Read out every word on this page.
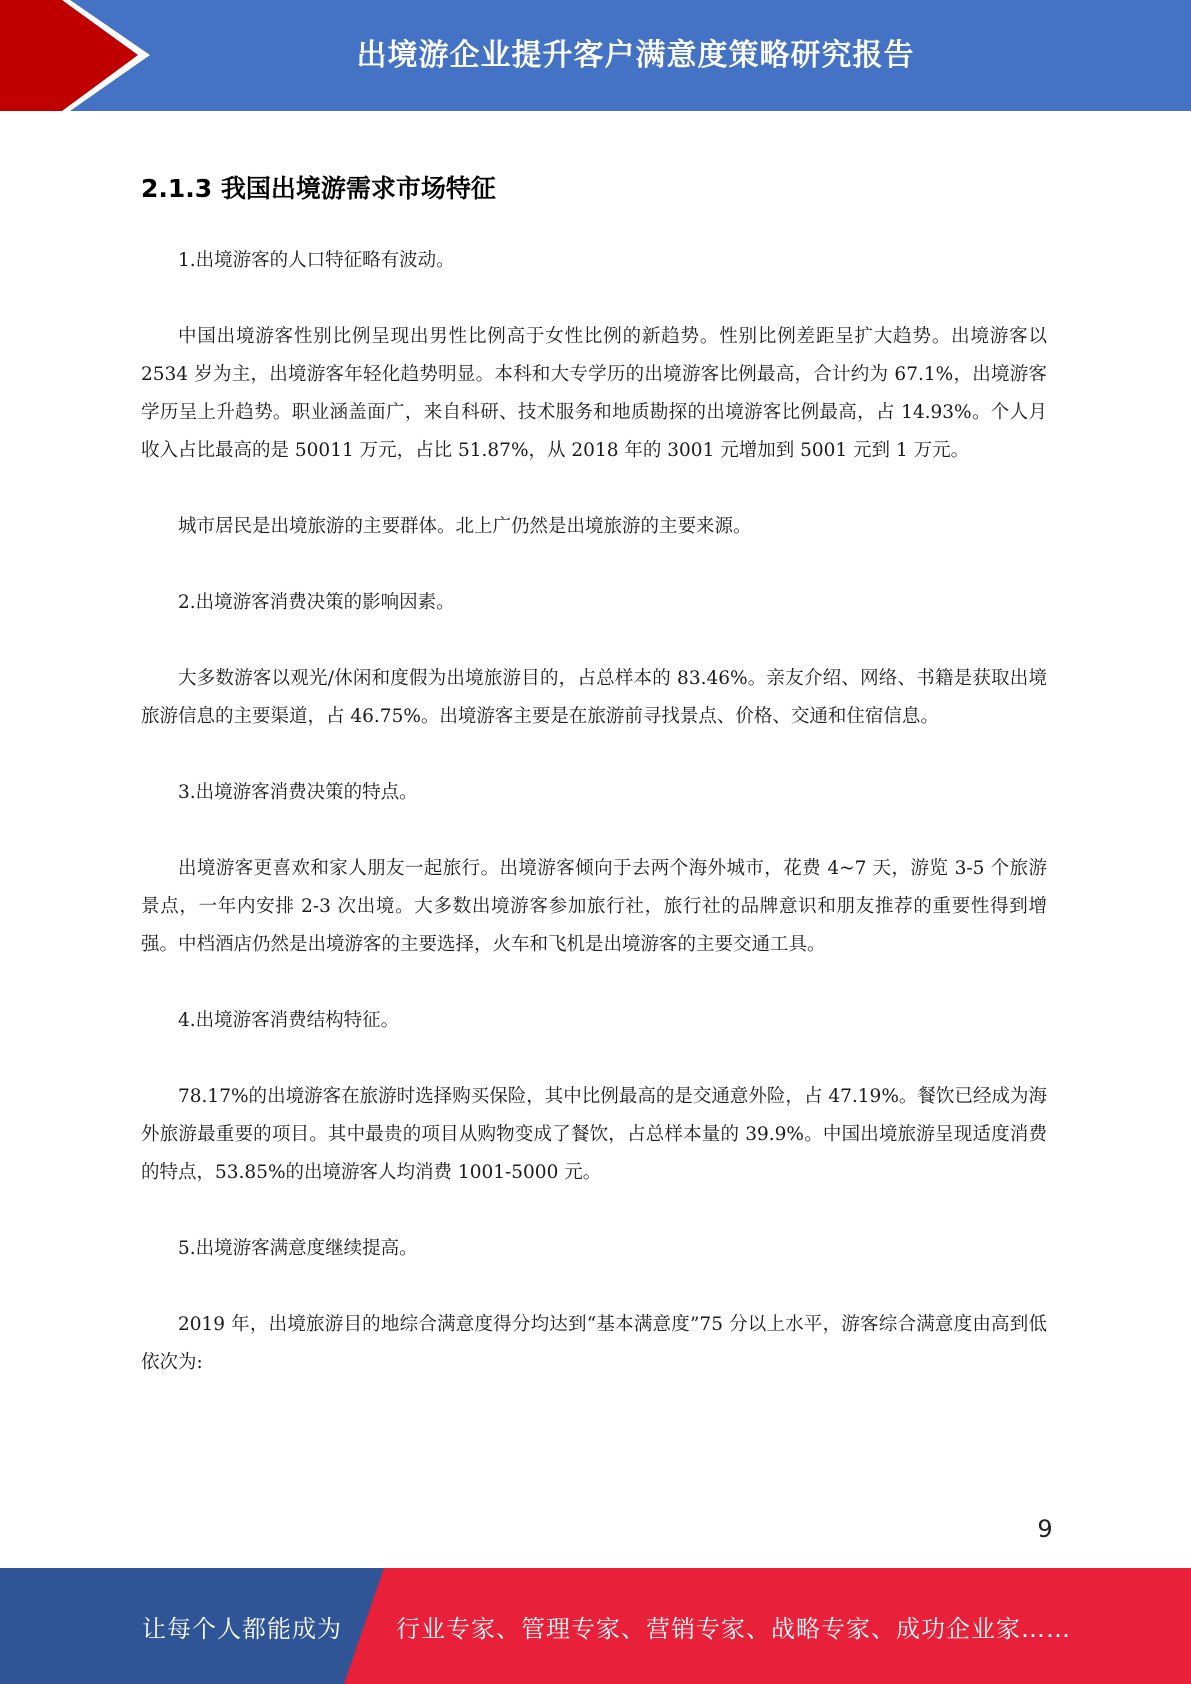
出境游企业提升客户满意度策略研究报告
2.1.3 我国出境游需求市场特征

1.出境游客的人口特征略有波动。

中国出境游客性别比例呈现出男性比例高于女性比例的新趋势。性别比例差距呈扩大趋势。出境游客以 2534 岁为主，出境游客年轻化趋势明显。本科和大专学历的出境游客比例最高，合计约为 67.1%，出境游客学历呈上升趋势。职业涵盖面广，来自科研、技术服务和地质勘探的出境游客比例最高，占 14.93%。个人月收入占比最高的是 50011 万元，占比 51.87%，从 2018 年的 3001 元增加到 5001 元到 1 万元。

城市居民是出境旅游的主要群体。北上广仍然是出境旅游的主要来源。

2.出境游客消费决策的影响因素。

大多数游客以观光/休闲和度假为出境旅游目的，占总样本的 83.46%。亲友介绍、网络、书籍是获取出境旅游信息的主要渠道，占 46.75%。出境游客主要是在旅游前寻找景点、价格、交通和住宿信息。

3.出境游客消费决策的特点。

出境游客更喜欢和家人朋友一起旅行。出境游客倾向于去两个海外城市，花费 4~7 天，游览 3-5 个旅游景点，一年内安排 2-3 次出境。大多数出境游客参加旅行社，旅行社的品牌意识和朋友推荐的重要性得到增强。中档酒店仍然是出境游客的主要选择，火车和飞机是出境游客的主要交通工具。

4.出境游客消费结构特征。

78.17%的出境游客在旅游时选择购买保险，其中比例最高的是交通意外险，占 47.19%。餐饮已经成为海外旅游最重要的项目。其中最贵的项目从购物变成了餐饮，占总样本量的 39.9%。中国出境旅游呈现适度消费的特点，53.85%的出境游客人均消费 1001-5000 元。

5.出境游客满意度继续提高。

2019 年，出境旅游目的地综合满意度得分均达到“基本满意度”75 分以上水平，游客综合满意度由高到低依次为:

9
让每个人都能成为	行业专家、管理专家、营销专家、战略专家、成功企业家……
